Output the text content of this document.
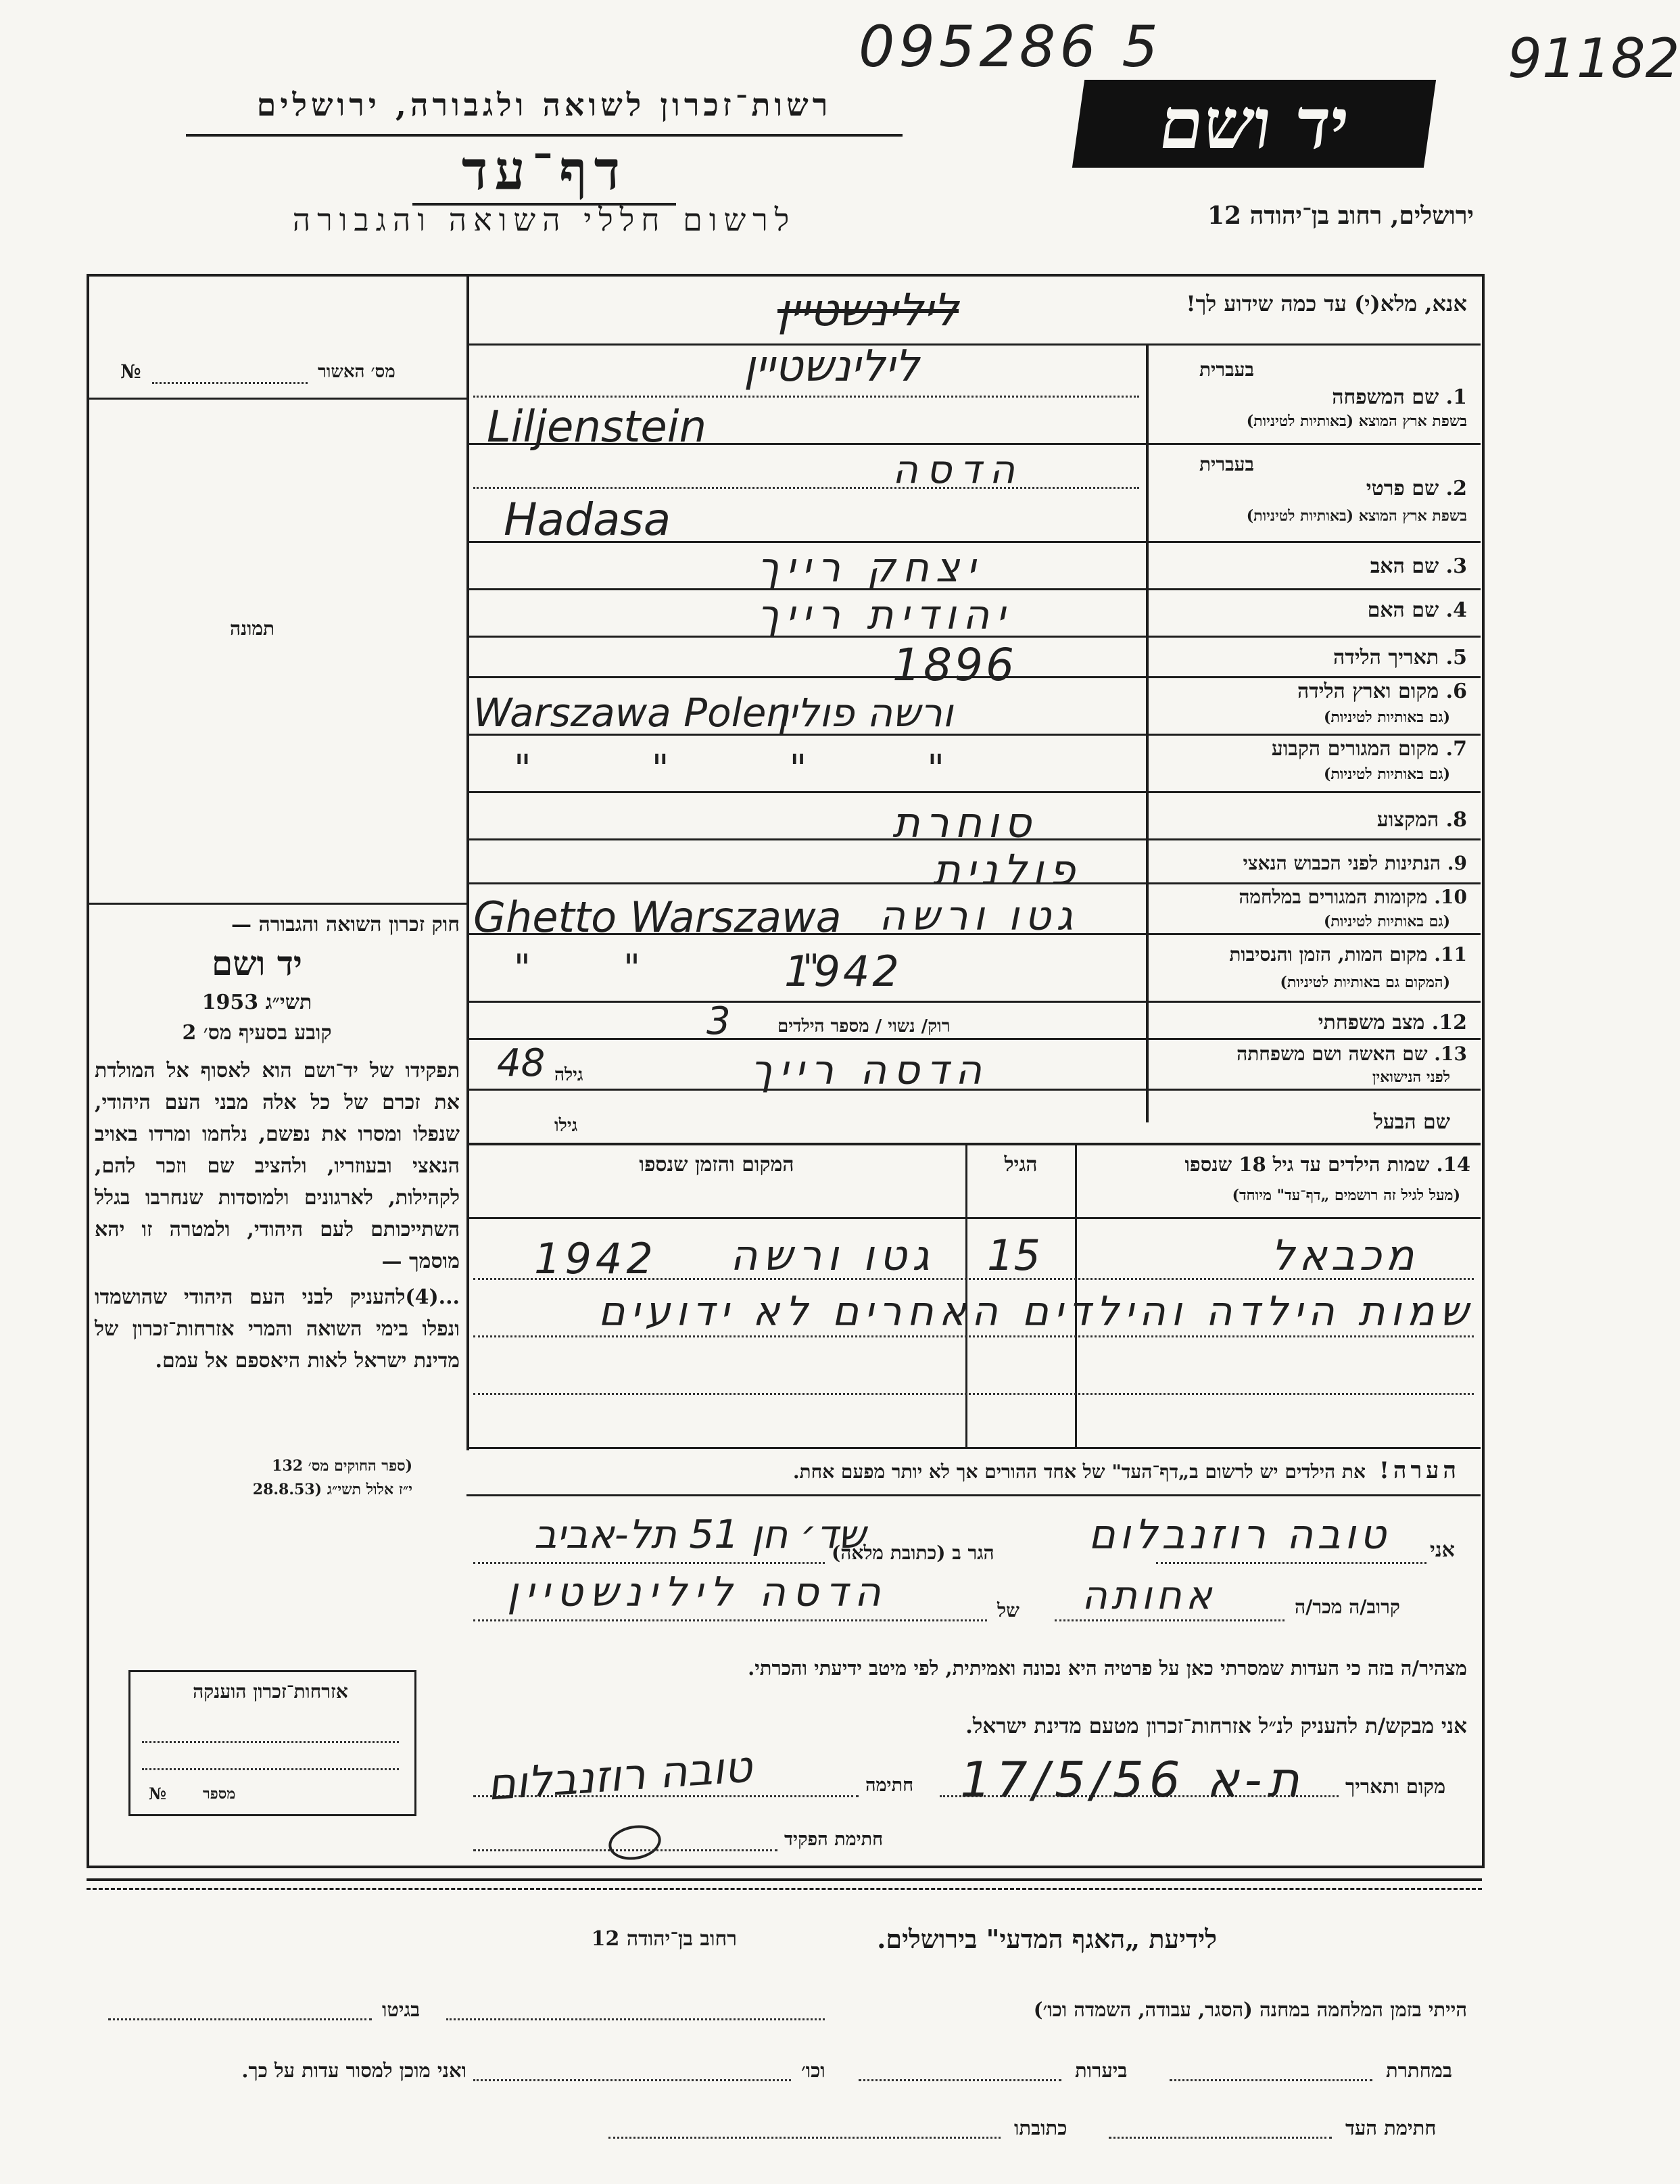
095286 5	91182
רשות־זכרון לשואה ולגבורה, ירושלים
דף־עד
לרשום חללי השואה והגבורה
יד ושם
ירושלים, רחוב בן־יהודה 12
אנא, מלא(י) עד כמה שידוע לך!
לילינשטיין
מס׳ האשור
№
תמונה
חוק זכרון השואה והגבורה —
יד ושם
תשי״ג 1953
קובע בסעיף מס׳ 2
תפקידו של יד־ושם הוא לאסוף אל המולדת את זכרם של כל אלה מבני העם היהודי, שנפלו ומסרו את נפשם, נלחמו ומרדו באויב הנאצי ובעוזריו, ולהציב שם וזכר להם, לקהילות, לארגונים ולמוסדות שנחרבו בגלל השתייכותם לעם היהודי, ולמטרה זו יהא מוסמך —
...(4)להעניק לבני העם היהודי שהושמדו ונפלו בימי השואה והמרי אזרחות־זכרון של מדינת ישראל לאות היאספם אל עמם.
(ספר החוקים מס׳ 132
י״ז אלול תשי״ג (28.8.53
אזרחות־זכרון הוענקה
מספר
№
בעברית
1. שם המשפחה
בשפת ארץ המוצא (באותיות לטיניות)
בעברית
2. שם פרטי
בשפת ארץ המוצא (באותיות לטיניות)
3. שם האב
4. שם האם
5. תאריך הלידה
6. מקום וארץ הלידה
(גם באותיות לטיניות)
7. מקום המגורים הקבוע
(גם באותיות לטיניות)
8. המקצוע
9. הנתינות לפני הכבוש הנאצי
10. מקומות המגורים במלחמה
(גם באותיות לטיניות)
11. מקום המות, הזמן והנסיבות
(המקום גם באותיות לטיניות)
12. מצב משפחתי
13. שם האשה ושם משפחתה
לפני הנישואין
שם הבעל
לילינשטיין
Liljenstein
הדסה
Hadasa
יצחק רייך
יהודית רייך
1896
Warszawa Polen
ורשה פולין
"          "          "          "
סוחרת
פולנית
Ghetto Warszawa גטו ורשה
"        "              "
1942
רוק/ נשוי / מספר הילדים
3
48 גילה	הדסה רייך
גילו
14. שמות הילדים עד גיל 18 שנספו
(מעל לגיל זה רושמים „דף־עד" מיוחד)
הגיל
המקום והזמן שנספו
מכבאל
15
גטו ורשה
1942
שמות הילדה והילדים האחרים לא ידועים
הערה!
את הילדים יש לרשום ב„דף־העד" של אחד ההורים אך לא יותר מפעם אחת.
אני
טובה רוזנבלום
הגר ב (כתובת מלאה)
שד׳ חן 51 תל-אביב
קרוב/ה מכר/ה
אחותה
של
הדסה לילינשטיין
מצהיר/ה בזה כי העדות שמסרתי כאן על פרטיה היא נכונה ואמיתית, לפי מיטב ידיעתי והכרתי.
אני מבקש/ת להעניק לנ״ל אזרחות־זכרון מטעם מדינת ישראל.
מקום ותאריך
ת-א 17/5/56
חתימה
טובה רוזנבלום
חתימת הפקיד
לידיעת „האגף המדעי" בירושלים.
רחוב בן־יהודה 12
הייתי בזמן המלחמה במחנה (הסגר, עבודה, השמדה וכו׳)
בגיטו
במחתרת
ביערות
וכו׳
ואני מוכן למסור עדות על כך.
חתימת העד
כתובתו
